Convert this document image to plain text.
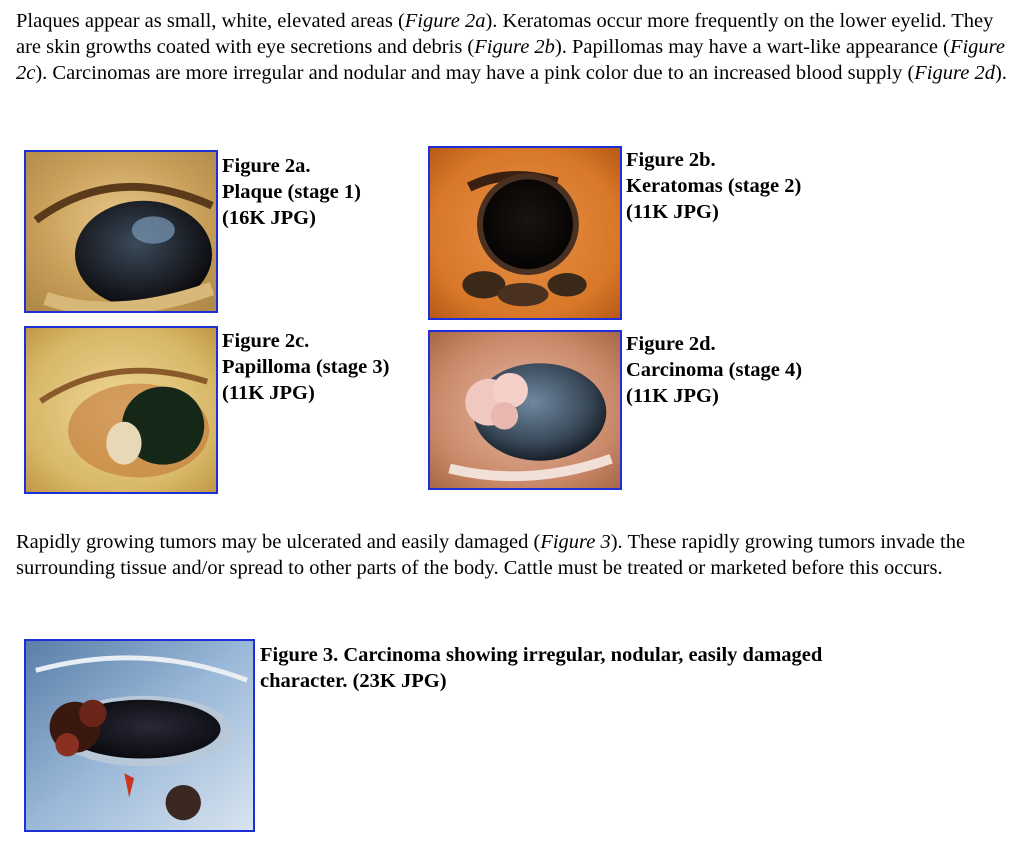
Plaques appear as small, white, elevated areas (Figure 2a). Keratomas occur more frequently on the lower eyelid. They are skin growths coated with eye secretions and debris (Figure 2b). Papillomas may have a wart-like appearance (Figure 2c). Carcinomas are more irregular and nodular and may have a pink color due to an increased blood supply (Figure 2d).

Figure 2a.
Plaque (stage 1)
(16K JPG)

Figure 2b.
Keratomas (stage 2)
(11K JPG)

Figure 2c.
Papilloma (stage 3)
(11K JPG)

Figure 2d.
Carcinoma (stage 4)
(11K JPG)

Rapidly growing tumors may be ulcerated and easily damaged (Figure 3). These rapidly growing tumors invade the surrounding tissue and/or spread to other parts of the body. Cattle must be treated or marketed before this occurs.

Figure 3. Carcinoma showing irregular, nodular, easily damaged
character. (23K JPG)
